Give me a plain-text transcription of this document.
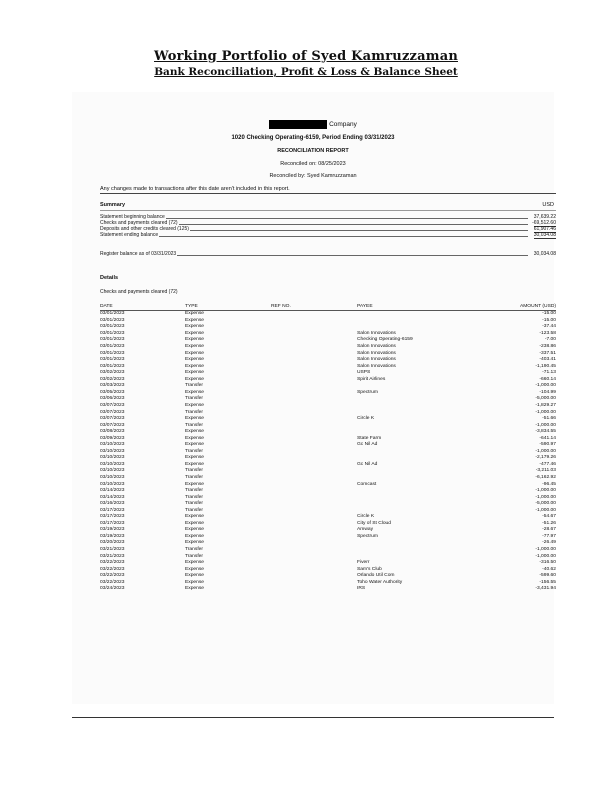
Working Portfolio of Syed Kamruzzaman
Bank Reconciliation, Profit & Loss & Balance Sheet
Company
1020 Checking Operating-6159, Period Ending 03/31/2023
RECONCILIATION REPORT
Reconciled on: 08/25/2023
Reconciled by: Syed Kamruzzaman
Any changes made to transactions after this date aren't included in this report.
Summary	USD
Statement beginning balance	37,639.22
Checks and payments cleared (72)	-69,512.60
Deposits and other credits cleared (125)	61,907.46
Statement ending balance	30,034.08
Register balance as of 03/31/2023	30,034.08
Details
Checks and payments cleared (72)
DATE	TYPE	REF NO.	PAYEE	AMOUNT (USD)
03/01/2023	Expense			-15.00
03/01/2023	Expense			-15.00
03/01/2023	Expense			-37.44
03/01/2023	Expense		Salon Innovations	-123.58
03/01/2023	Expense		Checking Operating-6159	-7.00
03/01/2023	Expense		Salon Innovations	-238.86
03/01/2023	Expense		Salon Innovations	-337.51
03/01/2023	Expense		Salon Innovations	-403.41
03/01/2023	Expense		Salon Innovations	-1,190.45
03/02/2023	Expense		USPS	-71.13
03/02/2023	Expense		Spirit Airlines	-660.14
03/03/2023	Transfer			-1,000.00
03/05/2023	Expense		Spectrum	-104.99
03/06/2023	Transfer			-5,000.00
03/07/2023	Expense			-1,829.27
03/07/2023	Transfer			-1,000.00
03/07/2023	Expense		Circle K	-51.66
03/07/2023	Transfer			-1,000.00
03/08/2023	Expense			-3,834.55
03/09/2023	Expense		State Farm	-641.14
03/10/2023	Expense		Gc Nil Ad	-590.97
03/10/2023	Transfer			-1,000.00
03/10/2023	Expense			-2,179.26
03/10/2023	Expense		Gc Nil Ad	-477.46
03/10/2023	Transfer			-3,211.03
03/10/2023	Transfer			-6,162.92
03/10/2023	Expense		Comcast	-96.45
03/14/2023	Transfer			-1,000.00
03/14/2023	Transfer			-1,000.00
03/16/2023	Transfer			-5,000.00
03/17/2023	Transfer			-1,000.00
03/17/2023	Expense		Circle K	-54.67
03/17/2023	Expense		City of St Cloud	-51.26
03/19/2023	Expense		Amway	-28.67
03/19/2023	Expense		Spectrum	-77.97
03/20/2023	Expense			-26.49
03/21/2023	Transfer			-1,000.00
03/21/2023	Transfer			-1,000.00
03/22/2023	Expense		Fiverr	-316.50
03/22/2023	Expense		Sam's Club	-40.62
03/22/2023	Expense		Orlando Util Com	-599.60
03/22/2023	Expense		Toho Water Authority	-156.55
03/24/2023	Expense		IRS	-3,431.94
